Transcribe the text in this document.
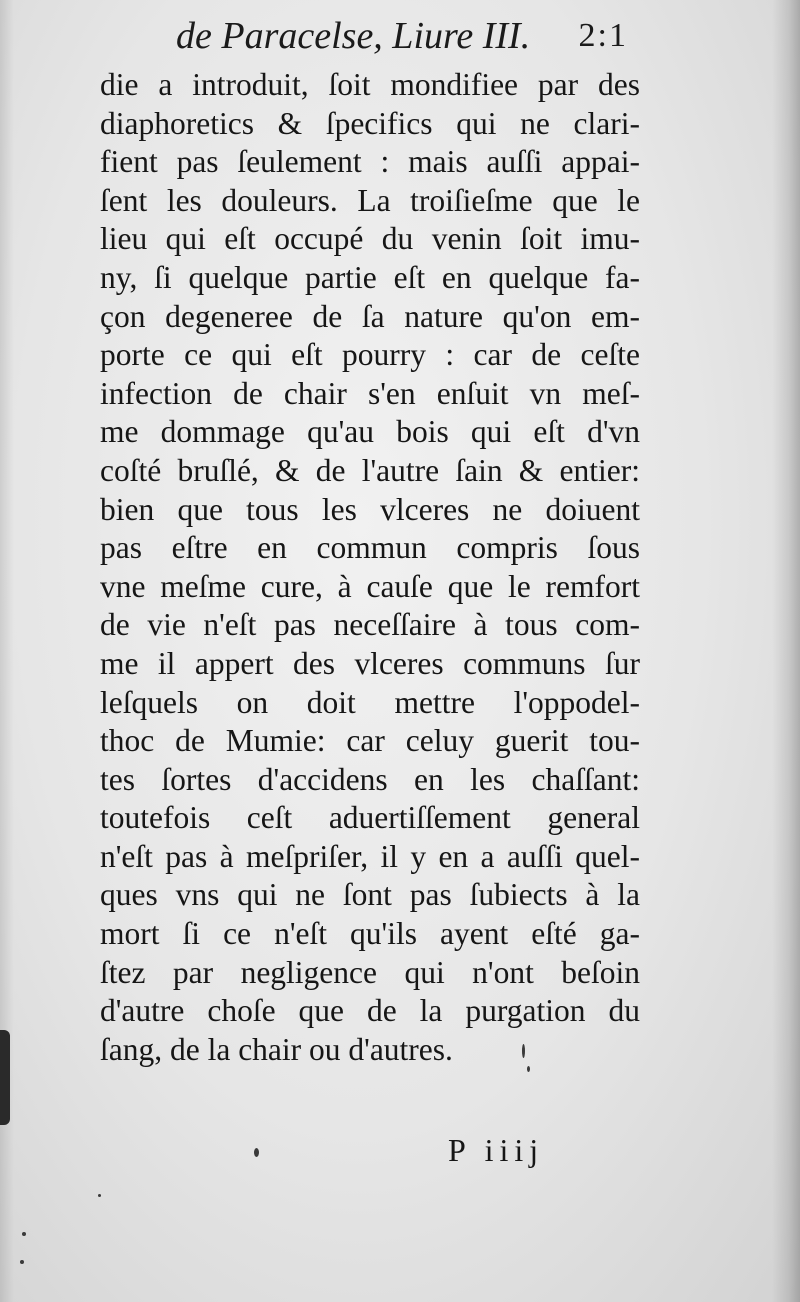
de Paracelse, Liure III. 2:1
die a introduit, ſoit mondifiee par des
diaphoretics & ſpecifics qui ne clari-
fient pas ſeulement : mais auſſi appai-
ſent les douleurs. La troiſieſme que le
lieu qui eſt occupé du venin ſoit imu-
ny, ſi quelque partie eſt en quelque fa-
çon degeneree de ſa nature qu'on em-
porte ce qui eſt pourry : car de ceſte
infection de chair s'en enſuit vn meſ-
me dommage qu'au bois qui eſt d'vn
coſté bruſlé, & de l'autre ſain & entier:
bien que tous les vlceres ne doiuent
pas eſtre en commun compris ſous
vne meſme cure, à cauſe que le remfort
de vie n'eſt pas neceſſaire à tous com-
me il appert des vlceres communs ſur
leſquels on doit mettre l'oppodel-
thoc de Mumie: car celuy guerit tou-
tes ſortes d'accidens en les chaſſant:
toutefois ceſt aduertiſſement general
n'eſt pas à meſpriſer, il y en a auſſi quel-
ques vns qui ne ſont pas ſubiects à la
mort ſi ce n'eſt qu'ils ayent eſté ga-
ſtez par negligence qui n'ont beſoin
d'autre choſe que de la purgation du
ſang, de la chair ou d'autres.
P iiij
